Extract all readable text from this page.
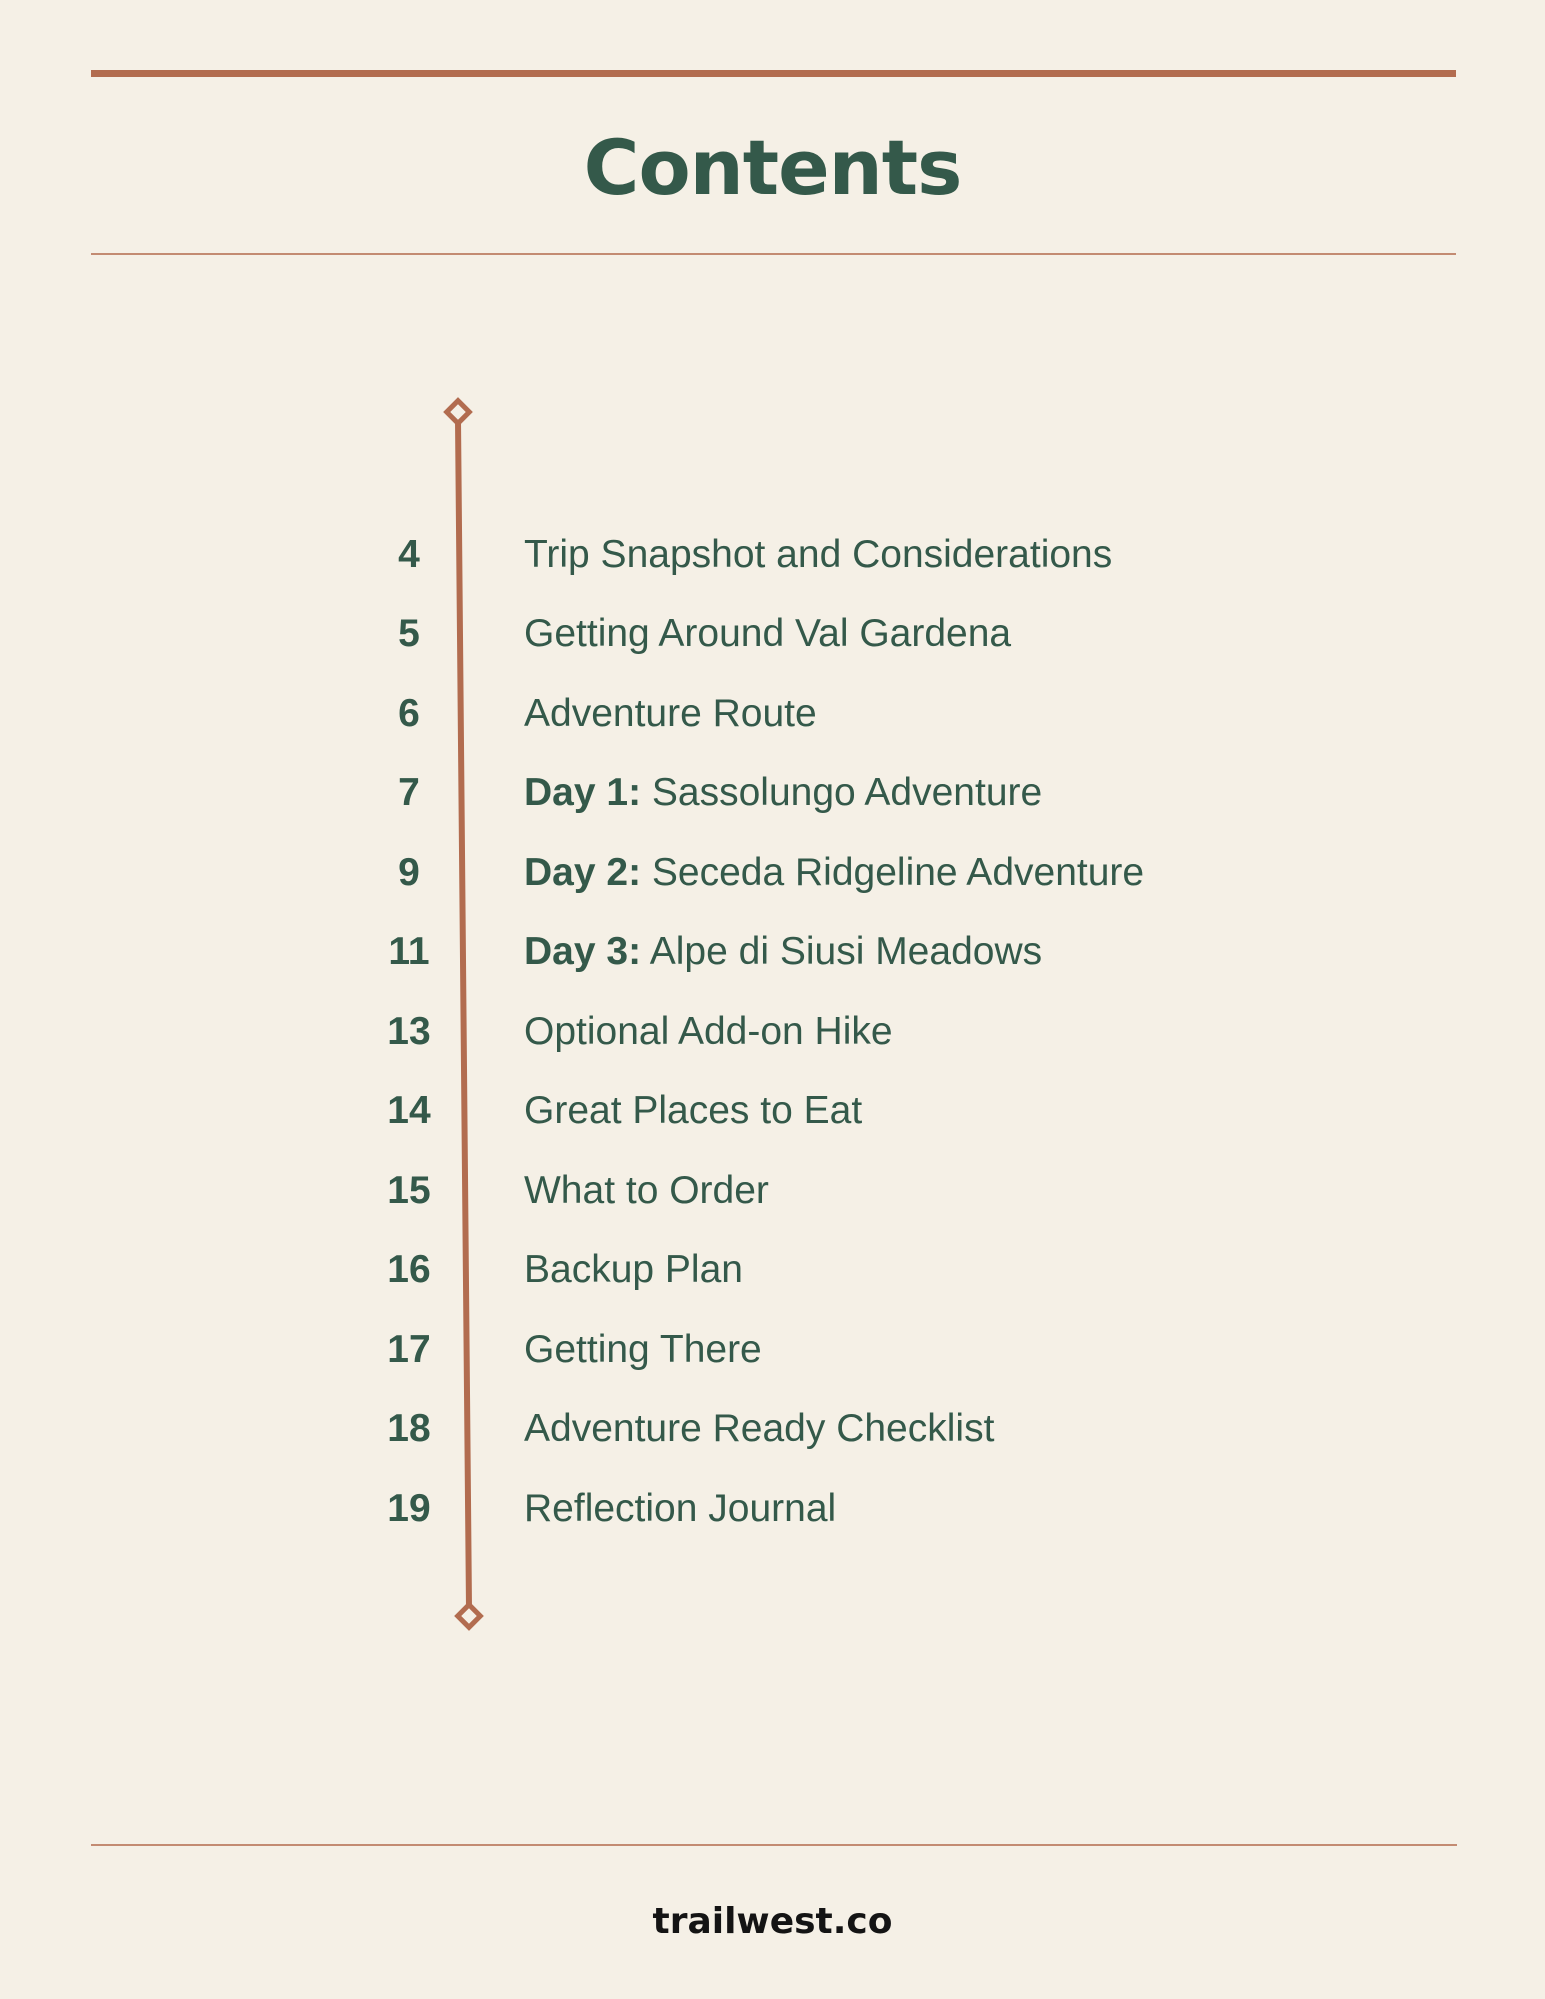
Contents
4	Trip Snapshot and Considerations
5	Getting Around Val Gardena
6	Adventure Route
7	Day 1: Sassolungo Adventure
9	Day 2: Seceda Ridgeline Adventure
11	Day 3: Alpe di Siusi Meadows
13	Optional Add-on Hike
14	Great Places to Eat
15	What to Order
16	Backup Plan
17	Getting There
18	Adventure Ready Checklist
19	Reflection Journal
trailwest.co
